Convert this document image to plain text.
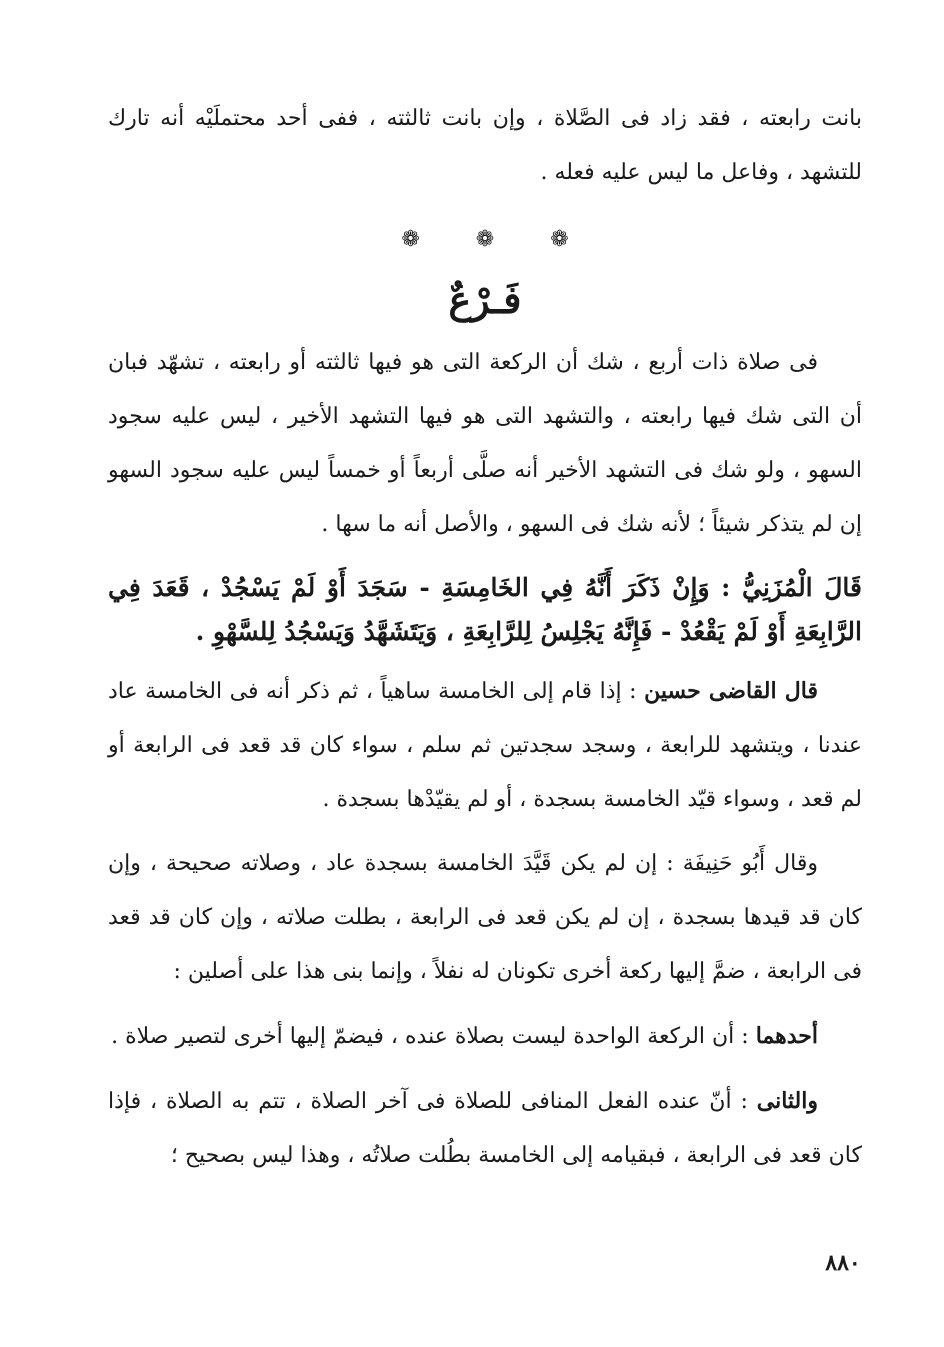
بانت رابعته ، فقد زاد فى الصَّلاة ، وإن بانت ثالثته ، ففى أحد محتملَيْه أنه تارك للتشهد ، وفاعل ما ليس عليه فعله .

❁	❁	❁
فَـرْعٌ

فى صلاة ذات أربع ، شك أن الركعة التى هو فيها ثالثته أو رابعته ، تشهّد فبان أن التى شك فيها رابعته ، والتشهد التى هو فيها التشهد الأخير ، ليس عليه سجود السهو ، ولو شك فى التشهد الأخير أنه صلَّى أربعاً أو خمساً ليس عليه سجود السهو إن لم يتذكر شيئاً ؛ لأنه شك فى السهو ، والأصل أنه ما سها .

قَالَ الْمُزَنِيُّ : وَإِنْ ذَكَرَ أَنَّهُ فِي الخَامِسَةِ - سَجَدَ أَوْ لَمْ يَسْجُدْ ، قَعَدَ فِي الرَّابِعَةِ أَوْ لَمْ يَقْعُدْ - فَإِنَّهُ يَجْلِسُ لِلرَّابِعَةِ ، وَيَتَشَهَّدُ وَيَسْجُدُ لِلسَّهْوِ .

قال القاضى حسين : إذا قام إلى الخامسة ساهياً ، ثم ذكر أنه فى الخامسة عاد عندنا ، ويتشهد للرابعة ، وسجد سجدتين ثم سلم ، سواء كان قد قعد فى الرابعة أو لم قعد ، وسواء قيّد الخامسة بسجدة ، أو لم يقيّدْها بسجدة .

وقال أَبُو حَنِيفَة : إن لم يكن قَيَّدَ الخامسة بسجدة عاد ، وصلاته صحيحة ، وإن كان قد قيدها بسجدة ، إن لم يكن قعد فى الرابعة ، بطلت صلاته ، وإن كان قد قعد فى الرابعة ، ضمَّ إليها ركعة أخرى تكونان له نفلاً ، وإنما بنى هذا على أصلين :

أحدهما : أن الركعة الواحدة ليست بصلاة عنده ، فيضمّ إليها أخرى لتصير صلاة .

والثانى : أنّ عنده الفعل المنافى للصلاة فى آخر الصلاة ، تتم به الصلاة ، فإذا كان قعد فى الرابعة ، فبقيامه إلى الخامسة بطُلت صلاتُه ، وهذا ليس بصحيح ؛

٨٨٠
